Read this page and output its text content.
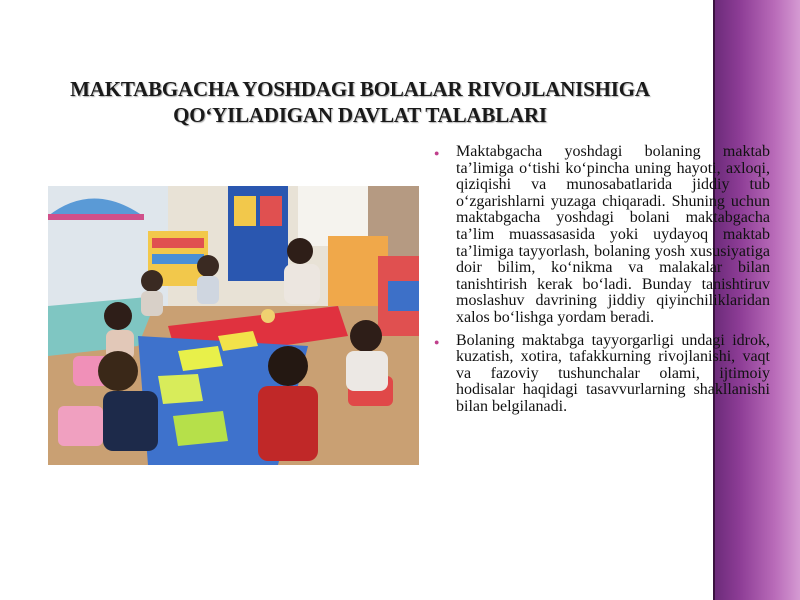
MAKTABGACHA YOSHDAGI BOLALAR RIVOJLANISHIGA
QO‘YILADIGAN DAVLAT TALABLARI
● Maktabgacha yoshdagi bolaning maktab ta’limiga o‘tishi ko‘pincha uning hayoti, axloqi, qiziqishi va munosabatlarida jiddiy tub o‘zgarishlarni yuzaga chiqaradi. Shuning uchun maktabgacha yoshdagi bolani maktabgacha ta’lim muassasasida yoki uydayoq maktab ta’limiga tayyorlash, bolaning yosh xususiyatiga doir bilim, ko‘nikma va malakalar bilan tanishtirish kerak bo‘ladi. Bunday tanishtiruv moslashuv davrining jiddiy qiyinchiliklaridan xalos bo‘lishga yordam beradi.
● Bolaning maktabga tayyorgarligi undagi idrok, kuzatish, xotira, tafakkurning rivojlanishi, vaqt va fazoviy tushunchalar olami, ijtimoiy hodisalar haqidagi tasavvurlarning shakllanishi bilan belgilanadi.
